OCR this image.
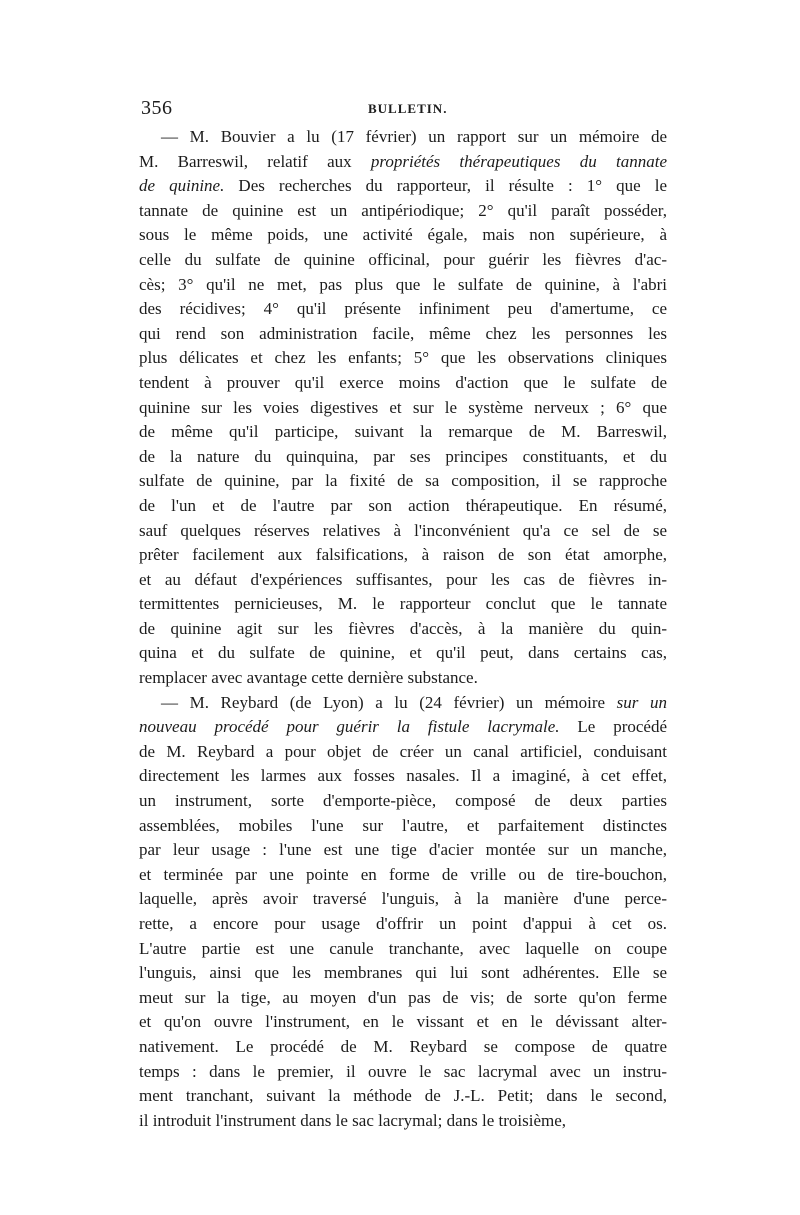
356	BULLETIN.
— M. Bouvier a lu (17 février) un rapport sur un mémoire de
M. Barreswil, relatif aux propriétés thérapeutiques du tannate
de quinine. Des recherches du rapporteur, il résulte : 1° que le
tannate de quinine est un antipériodique; 2° qu'il paraît posséder,
sous le même poids, une activité égale, mais non supérieure, à
celle du sulfate de quinine officinal, pour guérir les fièvres d'ac-
cès; 3° qu'il ne met, pas plus que le sulfate de quinine, à l'abri
des récidives; 4° qu'il présente infiniment peu d'amertume, ce
qui rend son administration facile, même chez les personnes les
plus délicates et chez les enfants; 5° que les observations cliniques
tendent à prouver qu'il exerce moins d'action que le sulfate de
quinine sur les voies digestives et sur le système nerveux ; 6° que
de même qu'il participe, suivant la remarque de M. Barreswil,
de la nature du quinquina, par ses principes constituants, et du
sulfate de quinine, par la fixité de sa composition, il se rapproche
de l'un et de l'autre par son action thérapeutique. En résumé,
sauf quelques réserves relatives à l'inconvénient qu'a ce sel de se
prêter facilement aux falsifications, à raison de son état amorphe,
et au défaut d'expériences suffisantes, pour les cas de fièvres in-
termittentes pernicieuses, M. le rapporteur conclut que le tannate
de quinine agit sur les fièvres d'accès, à la manière du quin-
quina et du sulfate de quinine, et qu'il peut, dans certains cas,
remplacer avec avantage cette dernière substance.
— M. Reybard (de Lyon) a lu (24 février) un mémoire sur un
nouveau procédé pour guérir la fistule lacrymale. Le procédé
de M. Reybard a pour objet de créer un canal artificiel, conduisant
directement les larmes aux fosses nasales. Il a imaginé, à cet effet,
un instrument, sorte d'emporte-pièce, composé de deux parties
assemblées, mobiles l'une sur l'autre, et parfaitement distinctes
par leur usage : l'une est une tige d'acier montée sur un manche,
et terminée par une pointe en forme de vrille ou de tire-bouchon,
laquelle, après avoir traversé l'unguis, à la manière d'une perce-
rette, a encore pour usage d'offrir un point d'appui à cet os.
L'autre partie est une canule tranchante, avec laquelle on coupe
l'unguis, ainsi que les membranes qui lui sont adhérentes. Elle se
meut sur la tige, au moyen d'un pas de vis; de sorte qu'on ferme
et qu'on ouvre l'instrument, en le vissant et en le dévissant alter-
nativement. Le procédé de M. Reybard se compose de quatre
temps : dans le premier, il ouvre le sac lacrymal avec un instru-
ment tranchant, suivant la méthode de J.-L. Petit; dans le second,
il introduit l'instrument dans le sac lacrymal; dans le troisième,
